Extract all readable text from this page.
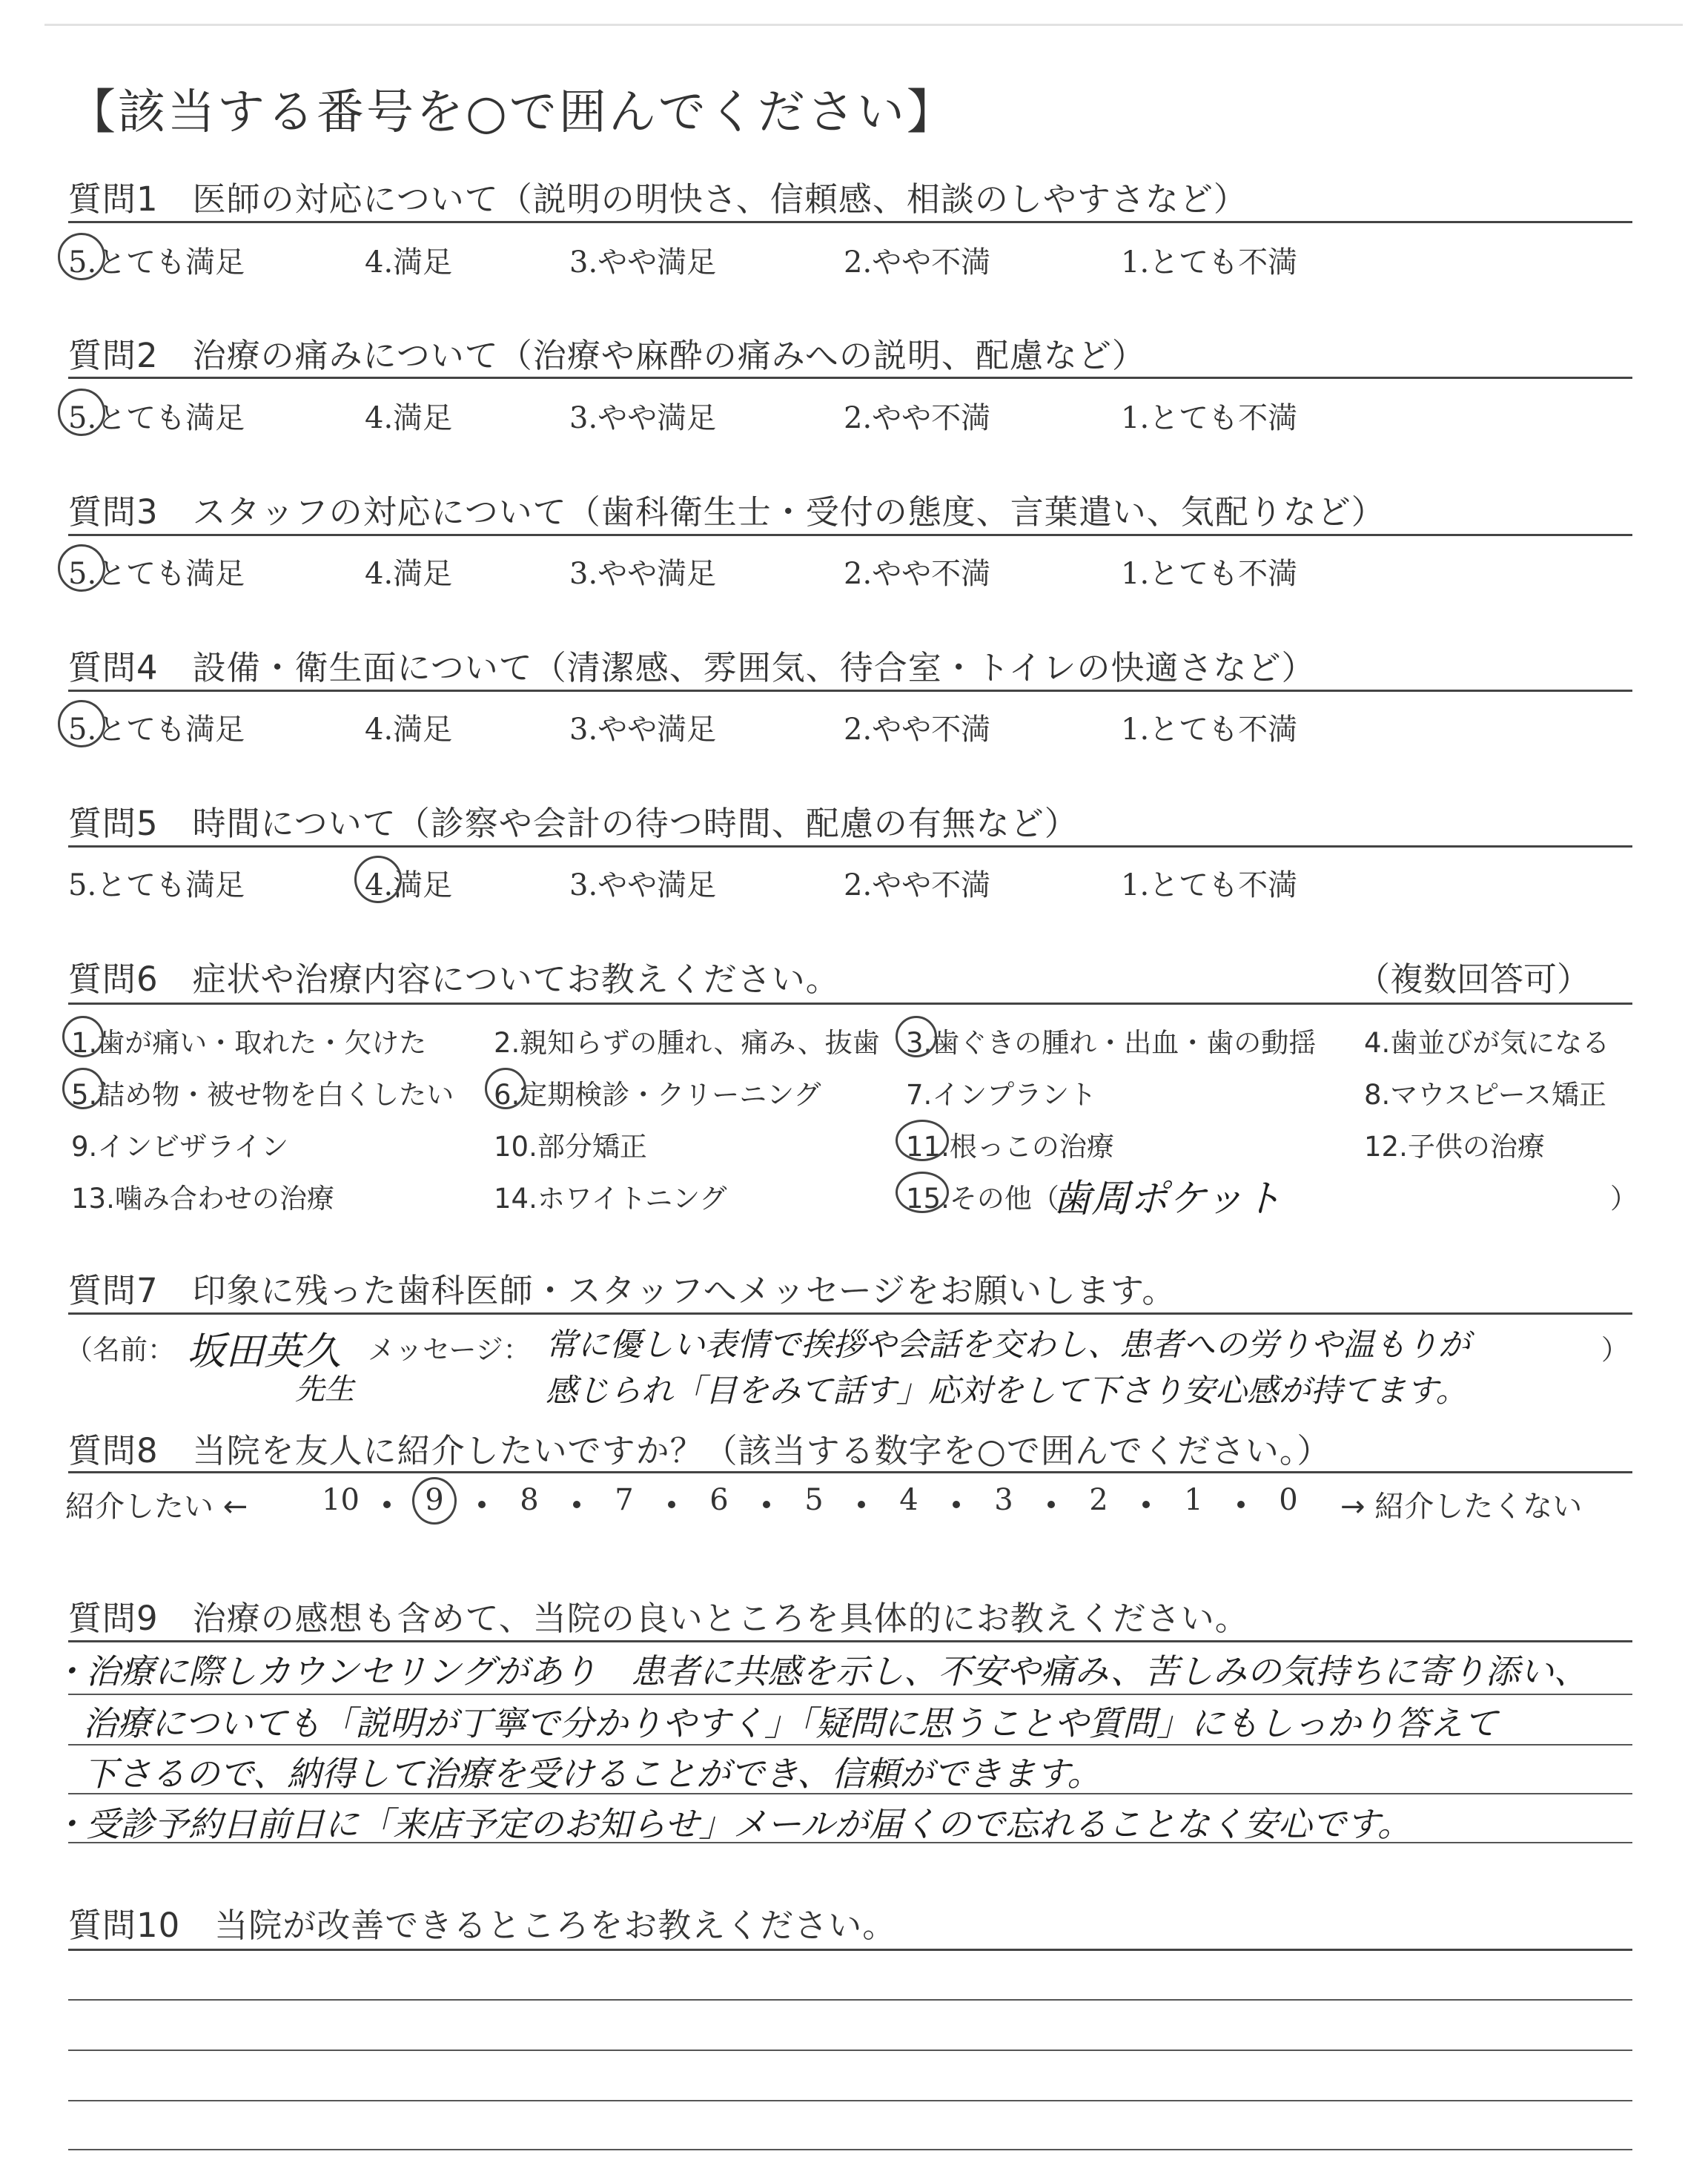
【該当する番号を○で囲んでください】
質問1　医師の対応について（説明の明快さ、信頼感、相談のしやすさなど）
5.とても満足	4.満足	3.やや満足	2.やや不満	1.とても不満
質問2　治療の痛みについて（治療や麻酔の痛みへの説明、配慮など）
5.とても満足	4.満足	3.やや満足	2.やや不満	1.とても不満
質問3　スタッフの対応について（歯科衛生士・受付の態度、言葉遣い、気配りなど）
5.とても満足	4.満足	3.やや満足	2.やや不満	1.とても不満
質問4　設備・衛生面について（清潔感、雰囲気、待合室・トイレの快適さなど）
5.とても満足	4.満足	3.やや満足	2.やや不満	1.とても不満
質問5　時間について（診察や会計の待つ時間、配慮の有無など）
5.とても満足	4.満足	3.やや満足	2.やや不満	1.とても不満
質問6　症状や治療内容についてお教えください。	（複数回答可）
1.歯が痛い・取れた・欠けた 2.親知らずの腫れ、痛み、抜歯 3.歯ぐきの腫れ・出血・歯の動揺 4.歯並びが気になる
5.詰め物・被せ物を白くしたい 6.定期検診・クリーニング	7.インプラント	8.マウスピース矯正
9.インビザライン	10.部分矯正	11.根っこの治療	12.子供の治療
13.噛み合わせの治療	14.ホワイトニング	15.その他（
歯周ポケット	）
質問7　印象に残った歯科医師・スタッフへメッセージをお願いします。
（名前： 坂田英久
先生
メッセージ： 常に優しい表情で挨拶や会話を交わし、患者への労りや温もりが	）
感じられ「目をみて話す」応対をして下さり安心感が持てます。
質問8　当院を友人に紹介したいですか？（該当する数字を○で囲んでください。）
紹介したい ← 10 9	8	7	6	5	4	3	2	1	0 → 紹介したくない
質問9　治療の感想も含めて、当院の良いところを具体的にお教えください。
・治療に際しカウンセリングがあり　患者に共感を示し、不安や痛み、苦しみの気持ちに寄り添い、
治療についても「説明が丁寧で分かりやすく」「疑問に思うことや質問」にもしっかり答えて
下さるので、納得して治療を受けることができ、信頼ができます。
・受診予約日前日に「来店予定のお知らせ」メールが届くので忘れることなく安心です。
質問10　当院が改善できるところをお教えください。
